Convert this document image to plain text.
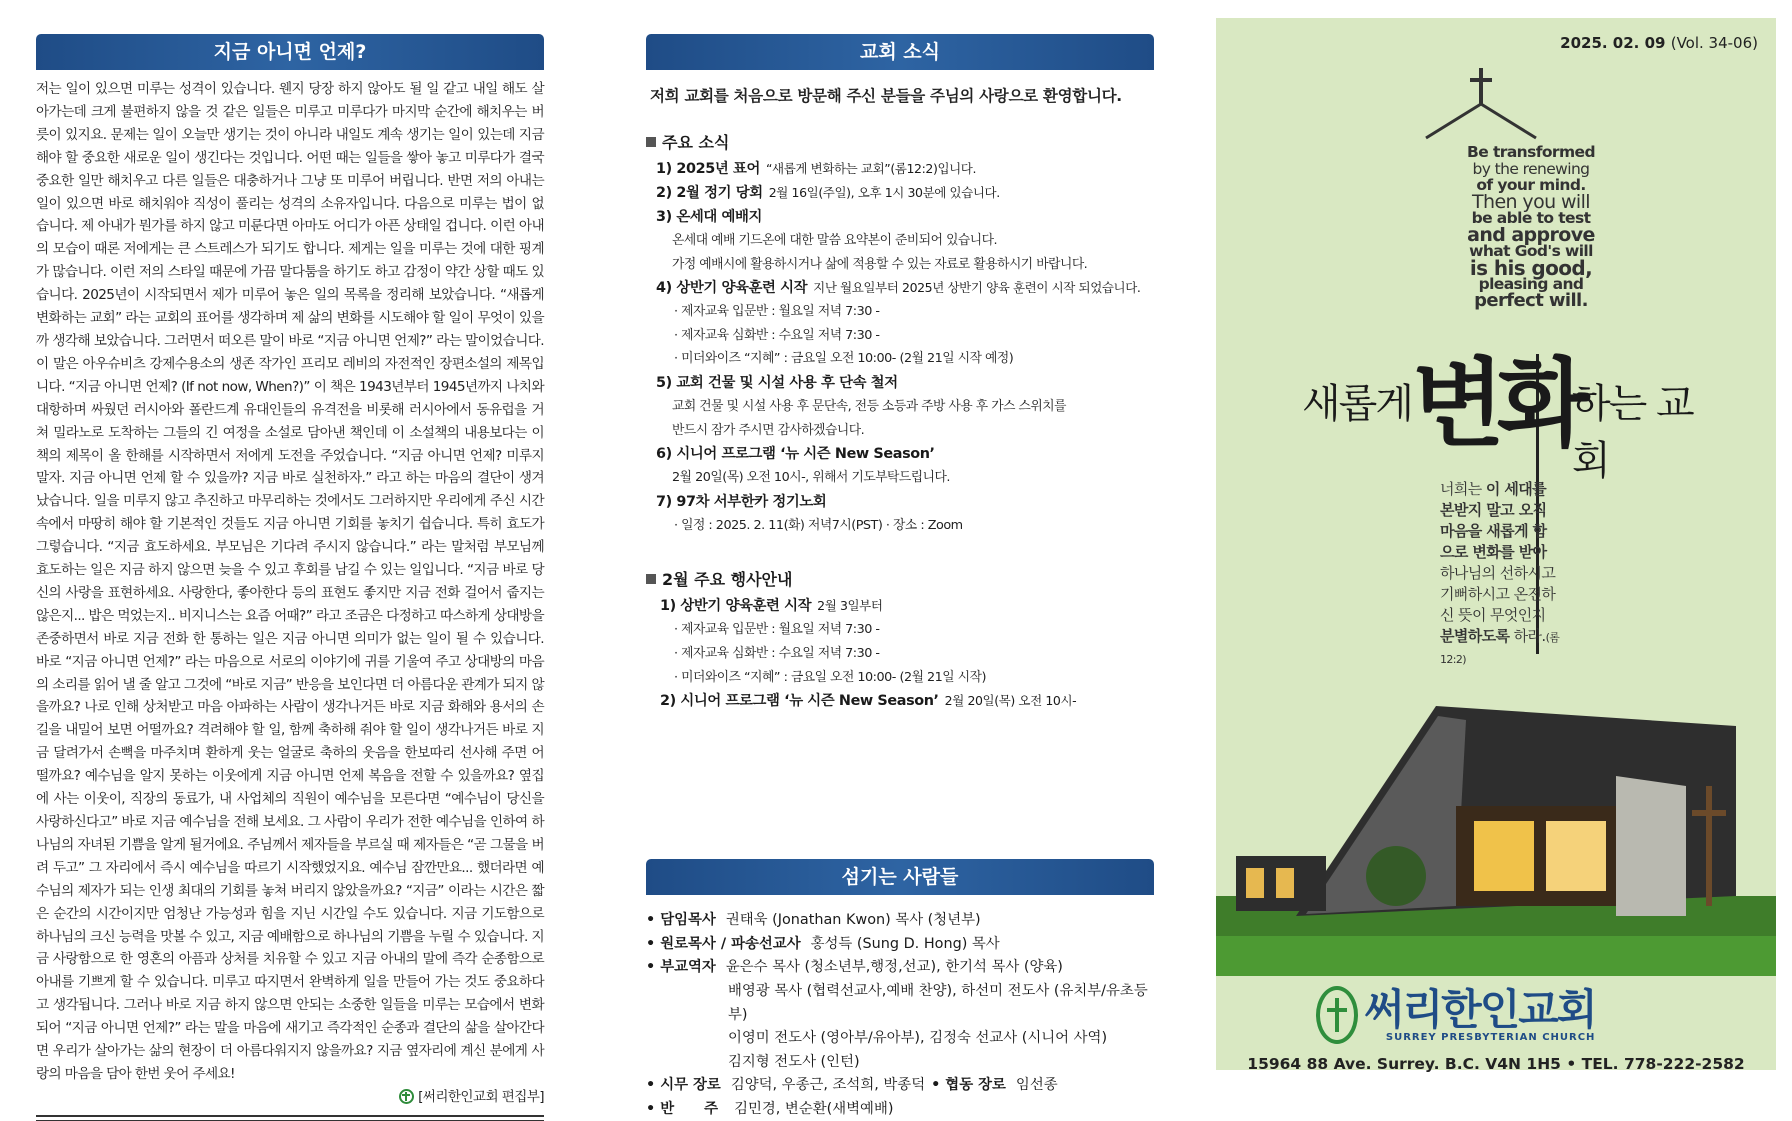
지금 아니면 언제?

저는 일이 있으면 미루는 성격이 있습니다. 웬지 당장 하지 않아도 될 일 같고 내일 해도 살아가는데 크게 불편하지 않을 것 같은 일들은 미루고 미루다가 마지막 순간에 해치우는 버릇이 있지요. 문제는 일이 오늘만 생기는 것이 아니라 내일도 계속 생기는 일이 있는데 지금 해야 할 중요한 새로운 일이 생긴다는 것입니다. 어떤 때는 일들을 쌓아 놓고 미루다가 결국 중요한 일만 해치우고 다른 일들은 대충하거나 그냥 또 미루어 버립니다. 반면 저의 아내는 일이 있으면 바로 해치워야 직성이 풀리는 성격의 소유자입니다. 다음으로 미루는 법이 없습니다. 제 아내가 뭔가를 하지 않고 미룬다면 아마도 어디가 아픈 상태일 겁니다. 이런 아내의 모습이 때론 저에게는 큰 스트레스가 되기도 합니다. 제게는 일을 미루는 것에 대한 핑계가 많습니다. 이런 저의 스타일 때문에 가끔 말다툼을 하기도 하고 감정이 약간 상할 때도 있습니다. 2025년이 시작되면서 제가 미루어 놓은 일의 목록을 정리해 보았습니다. “새롭게 변화하는 교회” 라는 교회의 표어를 생각하며 제 삶의 변화를 시도해야 할 일이 무엇이 있을까 생각해 보았습니다. 그러면서 떠오른 말이 바로 “지금 아니면 언제?” 라는 말이었습니다. 이 말은 아우슈비츠 강제수용소의 생존 작가인 프리모 레비의 자전적인 장편소설의 제목입니다. “지금 아니면 언제? (If not now, When?)” 이 책은 1943년부터 1945년까지 나치와 대항하며 싸웠던 러시아와 폴란드계 유대인들의 유격전을 비롯해 러시아에서 동유럽을 거쳐 밀라노로 도착하는 그들의 긴 여정을 소설로 담아낸 책인데 이 소설책의 내용보다는 이 책의 제목이 올 한해를 시작하면서 저에게 도전을 주었습니다. “지금 아니면 언제? 미루지 말자. 지금 아니면 언제 할 수 있을까? 지금 바로 실천하자.” 라고 하는 마음의 결단이 생겨났습니다. 일을 미루지 않고 추진하고 마무리하는 것에서도 그러하지만 우리에게 주신 시간 속에서 마땅히 해야 할 기본적인 것들도 지금 아니면 기회를 놓치기 쉽습니다. 특히 효도가 그렇습니다. “지금 효도하세요. 부모님은 기다려 주시지 않습니다.” 라는 말처럼 부모님께 효도하는 일은 지금 하지 않으면 늦을 수 있고 후회를 남길 수 있는 일입니다. “지금 바로 당신의 사랑을 표현하세요. 사랑한다, 좋아한다 등의 표현도 좋지만 지금 전화 걸어서 줍지는 않은지... 밥은 먹었는지.. 비지니스는 요즘 어때?” 라고 조금은 다정하고 따스하게 상대방을 존중하면서 바로 지금 전화 한 통하는 일은 지금 아니면 의미가 없는 일이 될 수 있습니다. 바로 “지금 아니면 언제?” 라는 마음으로 서로의 이야기에 귀를 기울여 주고 상대방의 마음의 소리를 읽어 낼 줄 알고 그것에 “바로 지금” 반응을 보인다면 더 아름다운 관계가 되지 않을까요? 나로 인해 상처받고 마음 아파하는 사람이 생각나거든 바로 지금 화해와 용서의 손길을 내밀어 보면 어떨까요? 격려해야 할 일, 함께 축하해 줘야 할 일이 생각나거든 바로 지금 달려가서 손뼉을 마주치며 환하게 웃는 얼굴로 축하의 웃음을 한보따리 선사해 주면 어떨까요? 예수님을 알지 못하는 이웃에게 지금 아니면 언제 복음을 전할 수 있을까요? 옆집에 사는 이웃이, 직장의 동료가, 내 사업체의 직원이 예수님을 모른다면 “예수님이 당신을 사랑하신다고” 바로 지금 예수님을 전해 보세요. 그 사람이 우리가 전한 예수님을 인하여 하나님의 자녀된 기쁨을 알게 될거에요. 주님께서 제자들을 부르실 때 제자들은 “곧 그물을 버려 두고” 그 자리에서 즉시 예수님을 따르기 시작했었지요. 예수님 잠깐만요... 했더라면 예수님의 제자가 되는 인생 최대의 기회를 놓쳐 버리지 않았을까요? “지금” 이라는 시간은 짧은 순간의 시간이지만 엄청난 가능성과 힘을 지닌 시간일 수도 있습니다. 지금 기도함으로 하나님의 크신 능력을 맛볼 수 있고, 지금 예배함으로 하나님의 기쁨을 누릴 수 있습니다. 지금 사랑함으로 한 영혼의 아픔과 상처를 치유할 수 있고 지금 아내의 말에 즉각 순종함으로 아내를 기쁘게 할 수 있습니다. 미루고 따지면서 완벽하게 일을 만들어 가는 것도 중요하다고 생각됩니다. 그러나 바로 지금 하지 않으면 안되는 소중한 일들을 미루는 모습에서 변화되어 “지금 아니면 언제?” 라는 말을 마음에 새기고 즉각적인 순종과 결단의 삶을 살아간다면 우리가 살아가는 삶의 현장이 더 아름다워지지 않을까요? 지금 옆자리에 계신 분에게 사랑의 마음을 담아 한번 웃어 주세요!

[써리한인교회 편집부]

교회 소식
저희 교회를 처음으로 방문해 주신 분들을 주님의 사랑으로 환영합니다.
주요 소식
1) 2025년 표어 “새롭게 변화하는 교회”(롬12:2)입니다.
2) 2월 정기 당회 2월 16일(주일), 오후 1시 30분에 있습니다.
3) 온세대 예배지
온세대 예배 기드온에 대한 말씀 요약본이 준비되어 있습니다.
가정 예배시에 활용하시거나 삶에 적용할 수 있는 자료로 활용하시기 바랍니다.
4) 상반기 양육훈련 시작 지난 월요일부터 2025년 상반기 양육 훈련이 시작 되었습니다.
· 제자교육 입문반 : 월요일 저녁 7:30 -
· 제자교육 심화반 : 수요일 저녁 7:30 -
· 미더와이즈 “지혜” : 금요일 오전 10:00- (2월 21일 시작 예정)
5) 교회 건물 및 시설 사용 후 단속 철저
교회 건물 및 시설 사용 후 문단속, 전등 소등과 주방 사용 후 가스 스위치를
반드시 잠가 주시면 감사하겠습니다.
6) 시니어 프로그램 ‘뉴 시즌 New Season’
2월 20일(목) 오전 10시-, 위해서 기도부탁드립니다.
7) 97차 서부한카 정기노회
· 일정 : 2025. 2. 11(화) 저녁7시(PST) · 장소 : Zoom
2월 주요 행사안내
1) 상반기 양육훈련 시작 2월 3일부터
· 제자교육 입문반 : 월요일 저녁 7:30 -
· 제자교육 심화반 : 수요일 저녁 7:30 -
· 미더와이즈 “지혜” : 금요일 오전 10:00- (2월 21일 시작)
2) 시니어 프로그램 ‘뉴 시즌 New Season’ 2월 20일(목) 오전 10시-
섬기는 사람들
• 담임목사 권태욱 (Jonathan Kwon) 목사 (청년부)
• 원로목사 / 파송선교사 홍성득 (Sung D. Hong) 목사
• 부교역자 윤은수 목사 (청소년부,행정,선교), 한기석 목사 (양육)
배영광 목사 (협력선교사,예배 찬양), 하선미 전도사 (유치부/유초등부)
이영미 전도사 (영아부/유아부), 김정숙 선교사 (시니어 사역)
김지형 전도사 (인턴)
• 시무 장로 김양덕, 우종근, 조석희, 박종덕 • 협동 장로 임선종
• 반      주 김민경, 변순환(새벽예배)
2025. 02. 09 (Vol. 34-06)
Be transformed
by the renewing
of your mind.
Then you will
be able to test
and approve
what God's will
is his good,
pleasing and
perfect will.
새롭게 변화
하는 교회
너희는 이 세대를 본받지 말고 오직 마음을 새롭게 함으로 변화를 받아 하나님의 선하시고 기뻐하시고 온전하신 뜻이 무엇인지 분별하도록 하라.(롬 12:2)
써리한인교회
SURREY PRESBYTERIAN CHURCH
15964 88 Ave. Surrey. B.C. V4N 1H5 • TEL. 778-222-2582
